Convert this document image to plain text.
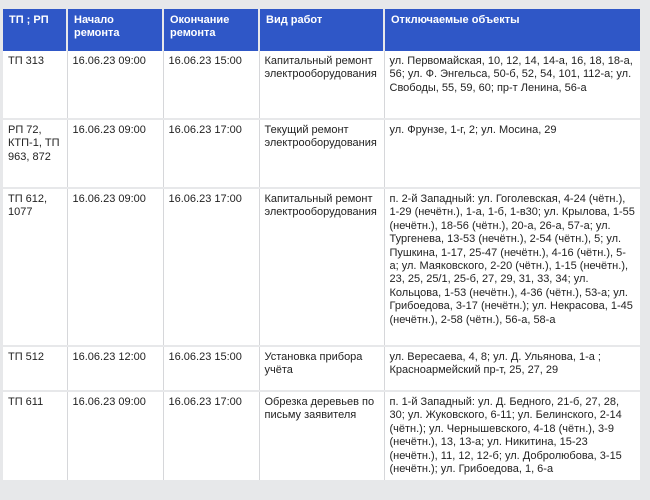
ТП ; РП	Начало ремонта	Окончание ремонта	Вид работ	Отключаемые объекты
ТП 313	16.06.23 09:00	16.06.23 15:00	Капитальный ремонт электрооборудования	ул. Первомайская, 10, 12, 14, 14-а, 16, 18, 18-а, 56; ул. Ф. Энгельса, 50-б, 52, 54, 101, 112-а; ул. Свободы, 55, 59, 60; пр-т Ленина, 56-а
РП 72, КТП-1, ТП 963, 872	16.06.23 09:00	16.06.23 17:00	Текущий ремонт электрооборудования	ул. Фрунзе, 1-г, 2; ул. Мосина, 29
ТП 612, 1077	16.06.23 09:00	16.06.23 17:00	Капитальный ремонт электрооборудования	п. 2-й Западный: ул. Гоголевская, 4-24 (чётн.), 1-29 (нечётн.), 1-а, 1-б, 1-в30; ул. Крылова, 1-55 (нечётн.), 18-56 (чётн.), 20-а, 26-а, 57-а; ул. Тургенева, 13-53 (нечётн.), 2-54 (чётн.), 5; ул. Пушкина, 1-17, 25-47 (нечётн.), 4-16 (чётн.), 5-а; ул. Маяковского, 2-20 (чётн.), 1-15 (нечётн.), 23, 25, 25/1, 25-б, 27, 29, 31, 33, 34; ул. Кольцова, 1-53 (нечётн.), 4-36 (чётн.), 53-а; ул. Грибоедова, 3-17 (нечётн.); ул. Некрасова, 1-45 (нечётн.), 2-58 (чётн.), 56-а, 58-а
ТП 512	16.06.23 12:00	16.06.23 15:00	Установка прибора учёта	ул. Вересаева, 4, 8; ул. Д. Ульянова, 1-а ; Красноармейский пр-т, 25, 27, 29
ТП 611	16.06.23 09:00	16.06.23 17:00	Обрезка деревьев по письму заявителя	п. 1-й Западный: ул. Д. Бедного, 21-б, 27, 28, 30; ул. Жуковского, 6-11; ул. Белинского, 2-14 (чётн.); ул. Чернышевского, 4-18 (чётн.), 3-9 (нечётн.), 13, 13-а; ул. Никитина, 15-23 (нечётн.), 11, 12, 12-б; ул. Добролюбова, 3-15 (нечётн.); ул. Грибоедова, 1, 6-а
